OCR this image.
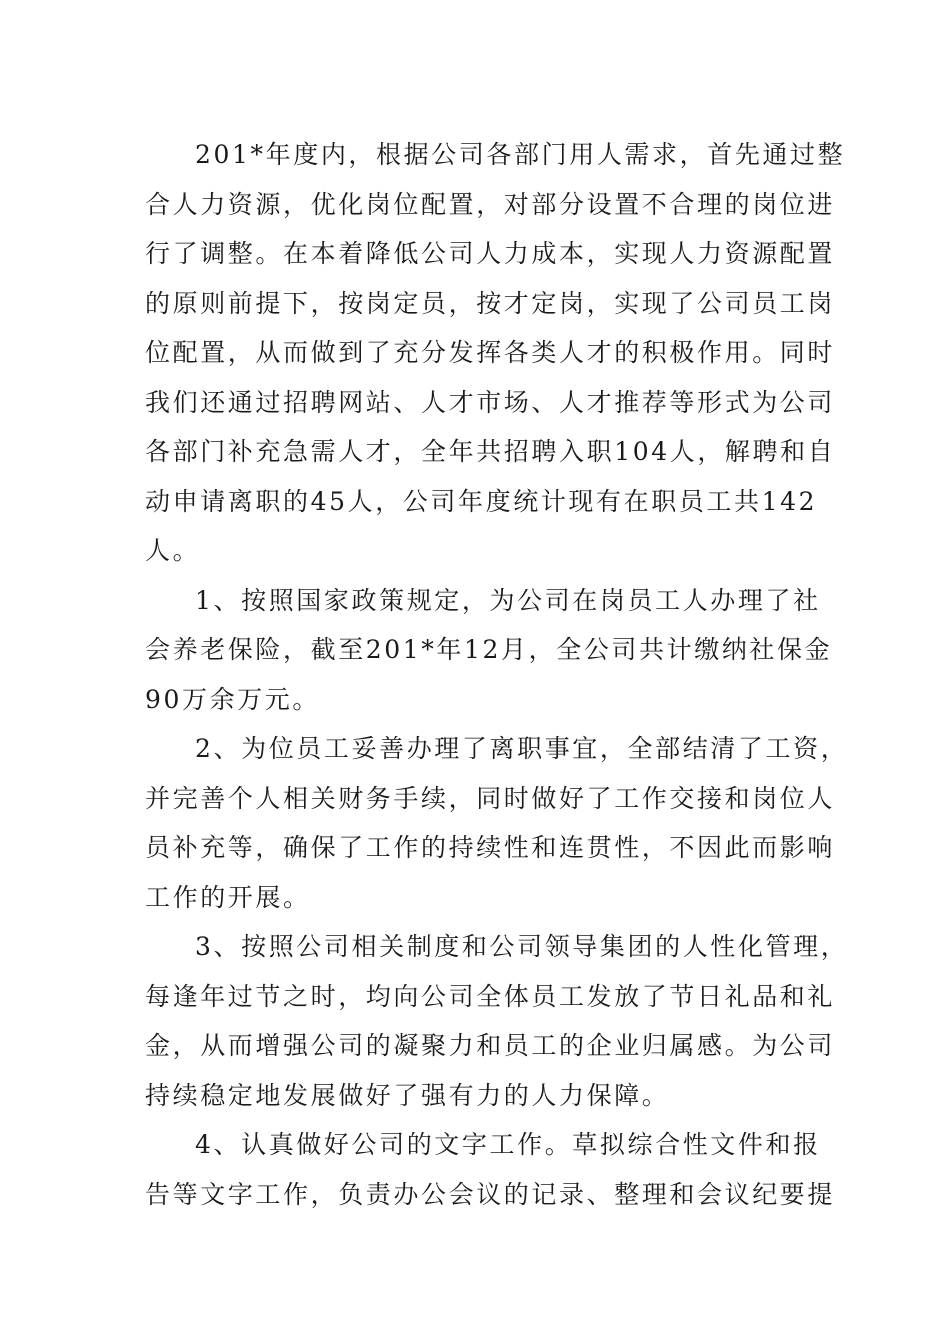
201*年度内，根据公司各部门用人需求，首先通过整
合人力资源，优化岗位配置，对部分设置不合理的岗位进
行了调整。在本着降低公司人力成本，实现人力资源配置
的原则前提下，按岗定员，按才定岗，实现了公司员工岗
位配置，从而做到了充分发挥各类人才的积极作用。同时
我们还通过招聘网站、人才市场、人才推荐等形式为公司
各部门补充急需人才，全年共招聘入职104人，解聘和自
动申请离职的45人，公司年度统计现有在职员工共142
人。
1、按照国家政策规定，为公司在岗员工人办理了社
会养老保险，截至201*年12月，全公司共计缴纳社保金
90万余万元。
2、为位员工妥善办理了离职事宜，全部结清了工资，
并完善个人相关财务手续，同时做好了工作交接和岗位人
员补充等，确保了工作的持续性和连贯性，不因此而影响
工作的开展。
3、按照公司相关制度和公司领导集团的人性化管理，
每逢年过节之时，均向公司全体员工发放了节日礼品和礼
金，从而增强公司的凝聚力和员工的企业归属感。为公司
持续稳定地发展做好了强有力的人力保障。
4、认真做好公司的文字工作。草拟综合性文件和报
告等文字工作，负责办公会议的记录、整理和会议纪要提
